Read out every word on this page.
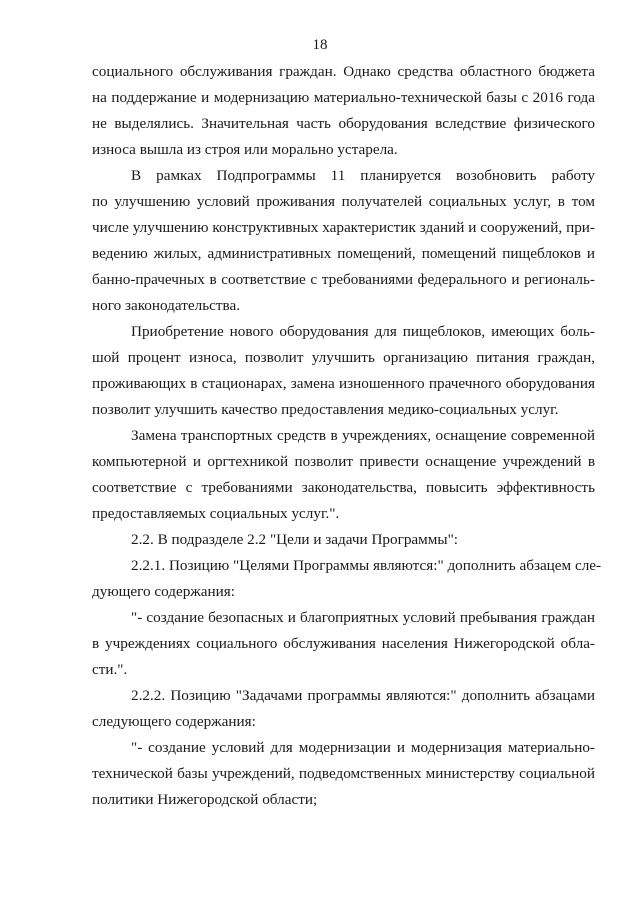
18
социального обслуживания граждан. Однако средства областного бюджета
на поддержание и модернизацию материально-технической базы с 2016 года
не выделялись. Значительная часть оборудования вследствие физического
износа вышла из строя или морально устарела.
В рамках Подпрограммы 11 планируется возобновить работу
по улучшению условий проживания получателей социальных услуг, в том
числе улучшению конструктивных характеристик зданий и сооружений, при-
ведению жилых, административных помещений, помещений пищеблоков и
банно-прачечных в соответствие с требованиями федерального и региональ-
ного законодательства.
Приобретение нового оборудования для пищеблоков, имеющих боль-
шой процент износа, позволит улучшить организацию питания граждан,
проживающих в стационарах, замена изношенного прачечного оборудования
позволит улучшить качество предоставления медико-социальных услуг.
Замена транспортных средств в учреждениях, оснащение современной
компьютерной и оргтехникой позволит привести оснащение учреждений в
соответствие с требованиями законодательства, повысить эффективность
предоставляемых социальных услуг.".
2.2. В подразделе 2.2 "Цели и задачи Программы":
2.2.1. Позицию "Целями Программы являются:" дополнить абзацем сле-
дующего содержания:
"- создание безопасных и благоприятных условий пребывания граждан
в учреждениях социального обслуживания населения Нижегородской обла-
сти.".
2.2.2. Позицию "Задачами программы являются:" дополнить абзацами
следующего содержания:
"- создание условий для модернизации и модернизация материально-
технической базы учреждений, подведомственных министерству социальной
политики Нижегородской области;
